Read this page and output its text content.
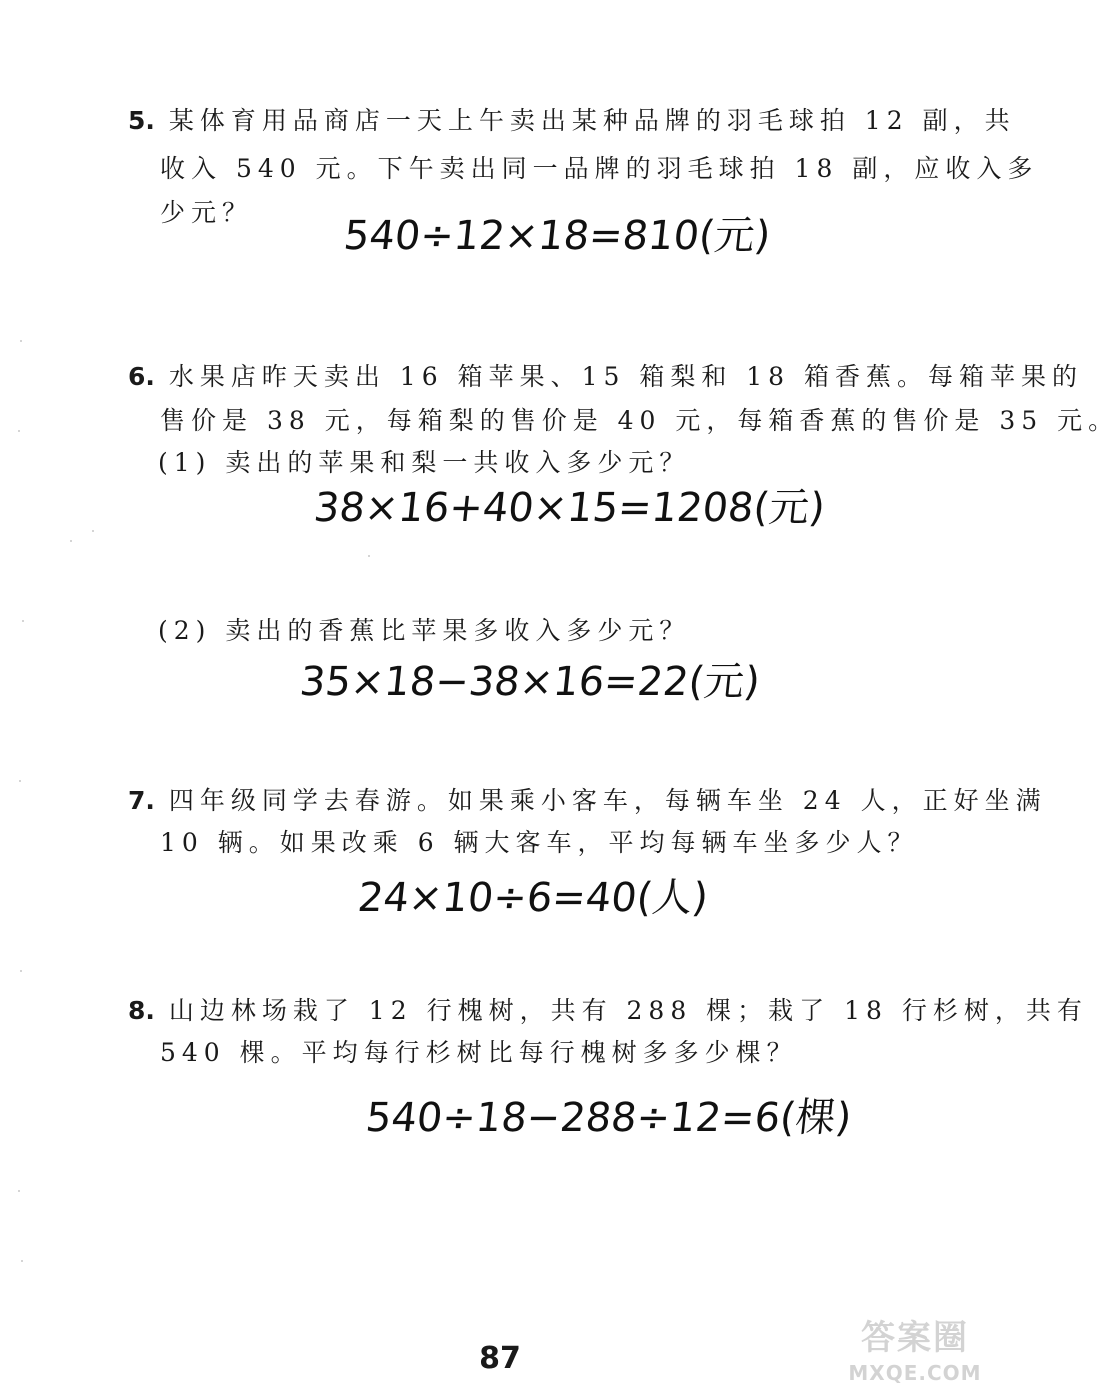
5. 某体育用品商店一天上午卖出某种品牌的羽毛球拍 12 副，共
收入 540 元。下午卖出同一品牌的羽毛球拍 18 副，应收入多
少元？
540÷12×18=810(元)
6. 水果店昨天卖出 16 箱苹果、15 箱梨和 18 箱香蕉。每箱苹果的
售价是 38 元，每箱梨的售价是 40 元，每箱香蕉的售价是 35 元。
(1) 卖出的苹果和梨一共收入多少元？
38×16+40×15=1208(元)
(2) 卖出的香蕉比苹果多收入多少元？
35×18−38×16=22(元)
7. 四年级同学去春游。如果乘小客车，每辆车坐 24 人，正好坐满
10 辆。如果改乘 6 辆大客车，平均每辆车坐多少人？
24×10÷6=40(人)
8. 山边林场栽了 12 行槐树，共有 288 棵；栽了 18 行杉树，共有
540 棵。平均每行杉树比每行槐树多多少棵？
540÷18−288÷12=6(棵)
87
答案圈
MXQE.COM
